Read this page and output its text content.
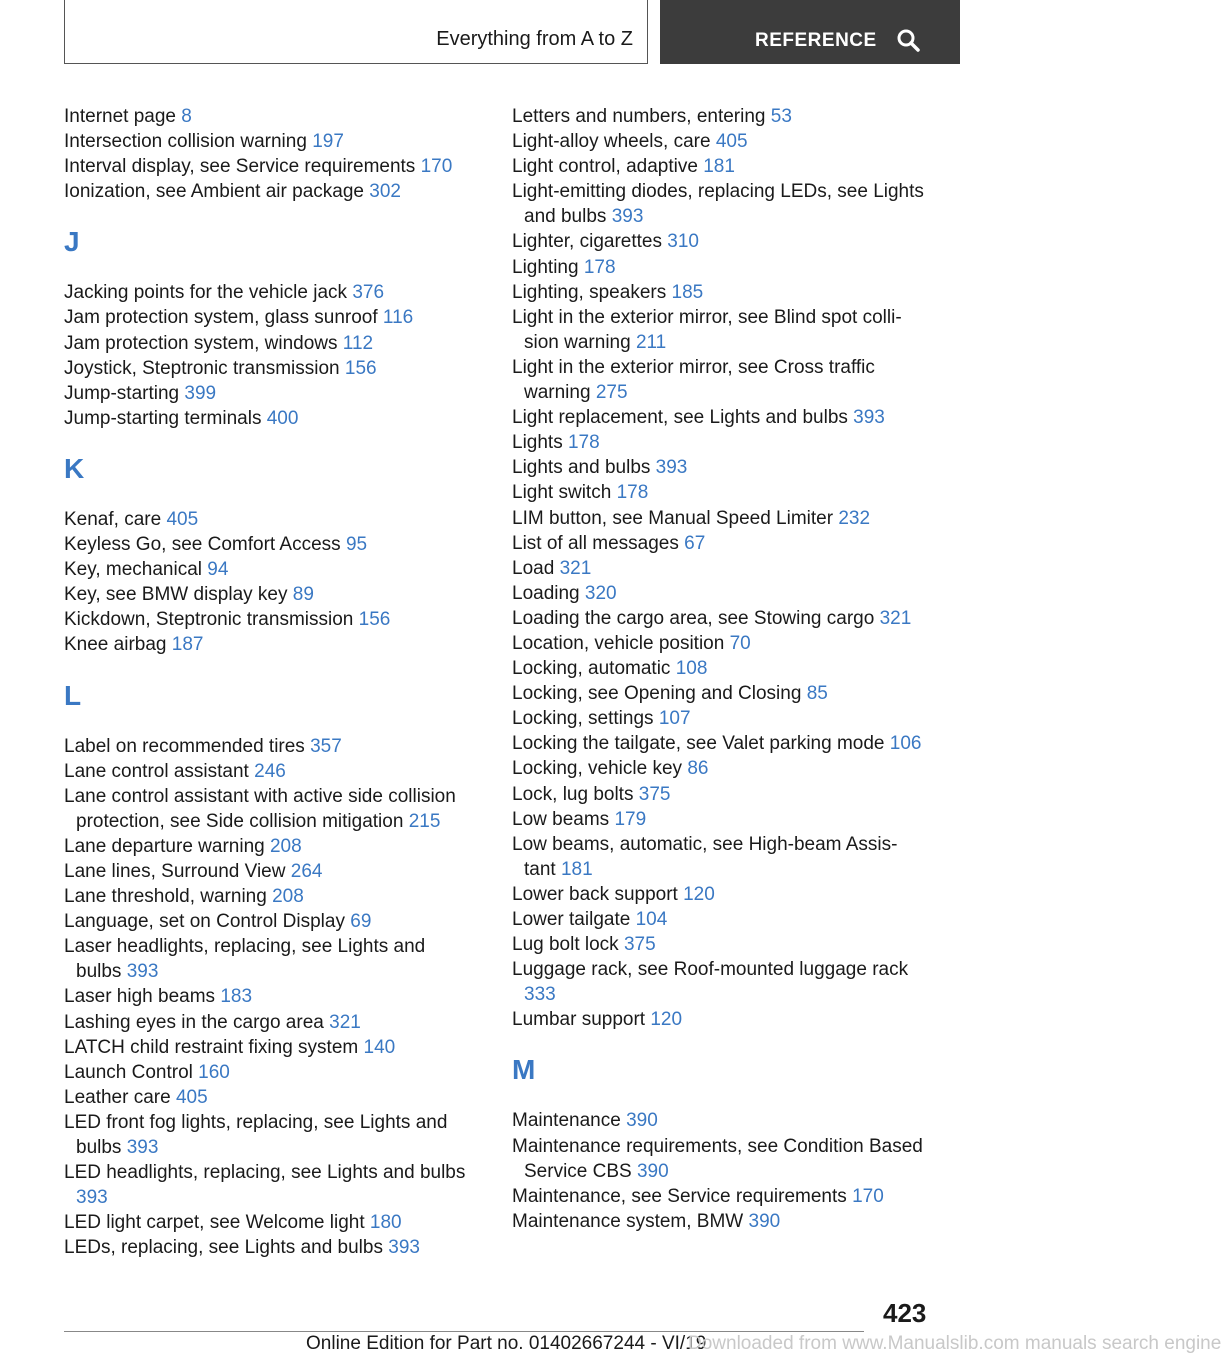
Everything from A to Z	REFERENCE
Internet page 8
Intersection collision warning 197
Interval display, see Service requirements 170
Ionization, see Ambient air package 302
J
Jacking points for the vehicle jack 376
Jam protection system, glass sunroof 116
Jam protection system, windows 112
Joystick, Steptronic transmission 156
Jump-starting 399
Jump-starting terminals 400
K
Kenaf, care 405
Keyless Go, see Comfort Access 95
Key, mechanical 94
Key, see BMW display key 89
Kickdown, Steptronic transmission 156
Knee airbag 187
L
Label on recommended tires 357
Lane control assistant 246
Lane control assistant with active side collision protection, see Side collision mitigation 215
Lane departure warning 208
Lane lines, Surround View 264
Lane threshold, warning 208
Language, set on Control Display 69
Laser headlights, replacing, see Lights and bulbs 393
Laser high beams 183
Lashing eyes in the cargo area 321
LATCH child restraint fixing system 140
Launch Control 160
Leather care 405
LED front fog lights, replacing, see Lights and bulbs 393
LED headlights, replacing, see Lights and bulbs 393
LED light carpet, see Welcome light 180
LEDs, replacing, see Lights and bulbs 393
Letters and numbers, entering 53
Light-alloy wheels, care 405
Light control, adaptive 181
Light-emitting diodes, replacing LEDs, see Lights and bulbs 393
Lighter, cigarettes 310
Lighting 178
Lighting, speakers 185
Light in the exterior mirror, see Blind spot colli‐ sion warning 211
Light in the exterior mirror, see Cross traffic warning 275
Light replacement, see Lights and bulbs 393
Lights 178
Lights and bulbs 393
Light switch 178
LIM button, see Manual Speed Limiter 232
List of all messages 67
Load 321
Loading 320
Loading the cargo area, see Stowing cargo 321
Location, vehicle position 70
Locking, automatic 108
Locking, see Opening and Closing 85
Locking, settings 107
Locking the tailgate, see Valet parking mode 106
Locking, vehicle key 86
Lock, lug bolts 375
Low beams 179
Low beams, automatic, see High-beam Assis‐ tant 181
Lower back support 120
Lower tailgate 104
Lug bolt lock 375
Luggage rack, see Roof-mounted luggage rack 333
Lumbar support 120
M
Maintenance 390
Maintenance requirements, see Condition Based Service CBS 390
Maintenance, see Service requirements 170
Maintenance system, BMW 390
423
Online Edition for Part no. 01402667244 - VI/19
Downloaded from www.Manualslib.com manuals search engine
